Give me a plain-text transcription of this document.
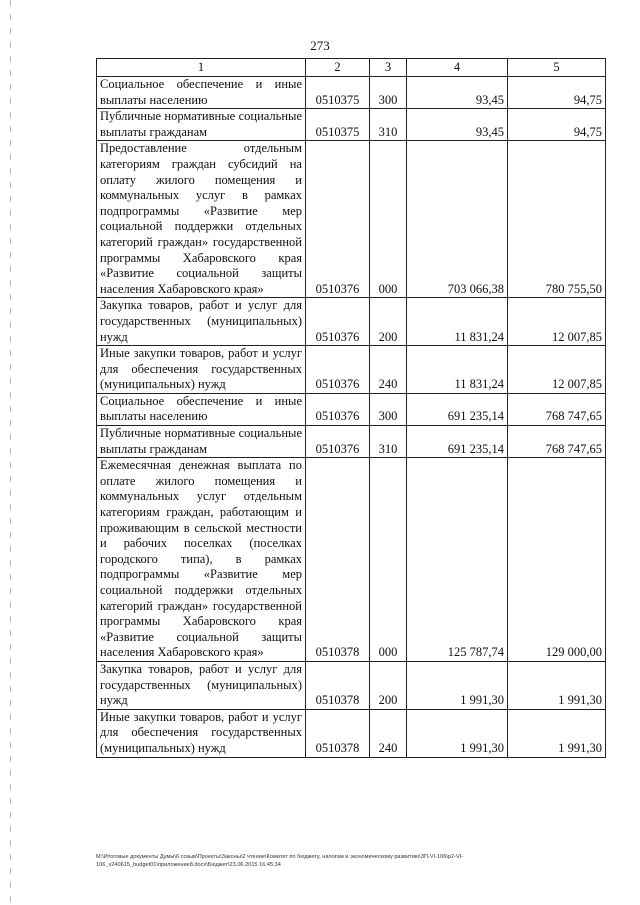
273
1	2	3	4	5
Социальное обеспечение и иные выплаты населению	0510375	300	93,45	94,75
Публичные нормативные социальные выплаты гражданам	0510375	310	93,45	94,75
Предоставление отдельным категориям граждан субсидий на оплату жилого помещения и коммунальных услуг в рамках подпрограммы «Развитие мер социальной поддержки отдельных категорий граждан» государственной программы Хабаровского края «Развитие социальной защиты населения Хабаровского края»	0510376	000	703 066,38	780 755,50
Закупка товаров, работ и услуг для государственных (муниципальных) нужд	0510376	200	11 831,24	12 007,85
Иные закупки товаров, работ и услуг для обеспечения государственных (муниципальных) нужд	0510376	240	11 831,24	12 007,85
Социальное обеспечение и иные выплаты населению	0510376	300	691 235,14	768 747,65
Публичные нормативные социальные выплаты гражданам	0510376	310	691 235,14	768 747,65
Ежемесячная денежная выплата по оплате жилого помещения и коммунальных услуг отдельным категориям граждан, работающим и проживающим в сельской местности и рабочих поселках (поселках городского типа), в рамках подпрограммы «Развитие мер социальной поддержки отдельных категорий граждан» государственной программы Хабаровского края «Развитие социальной защиты населения Хабаровского края»	0510378	000	125 787,74	129 000,00
Закупка товаров, работ и услуг для государственных (муниципальных) нужд	0510378	200	1 991,30	1 991,30
Иные закупки товаров, работ и услуг для обеспечения государственных (муниципальных) нужд	0510378	240	1 991,30	1 991,30
M:\Итоговые документы Думы\6 созыв\Проекты\Законы\2 чтение\Комитет по бюджету, налогам и экономическому развитию\ЗП-VI-106\р2-VI-106_v240615_budget01\приложение8.docx\Бюджет\23.06.2015 16:45:34
